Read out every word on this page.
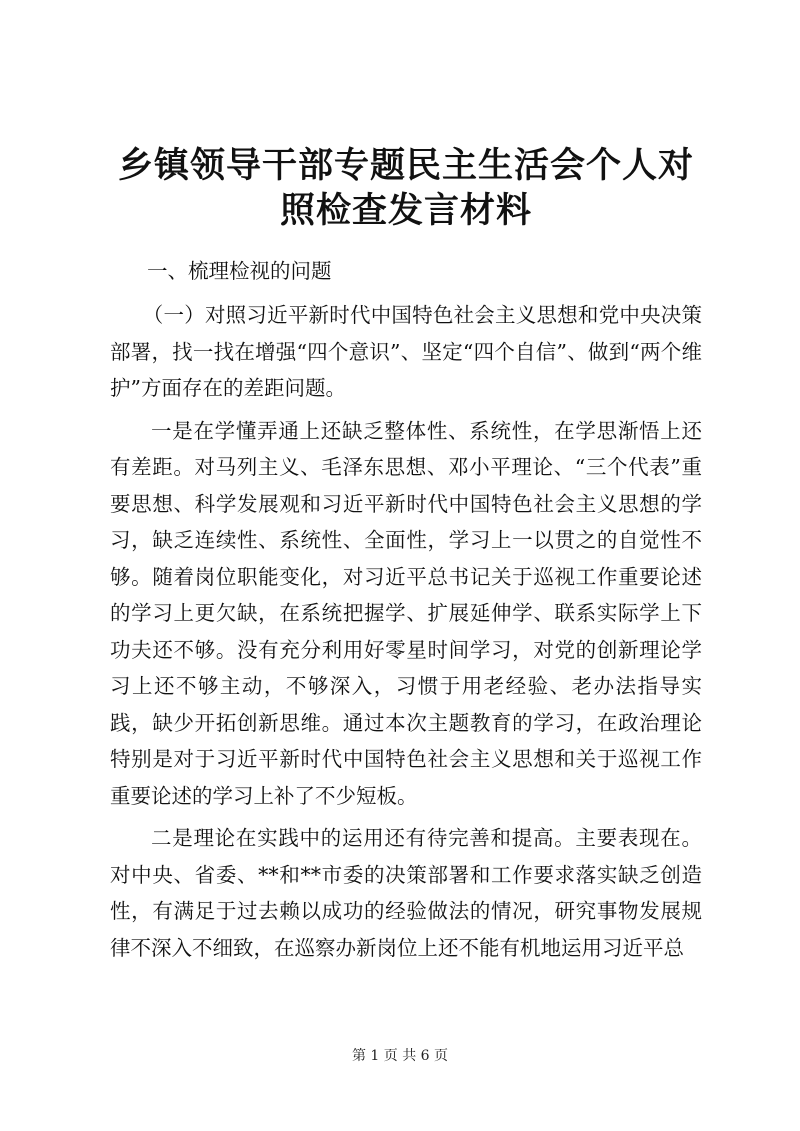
乡镇领导干部专题民主生活会个人对照检查发言材料

一、梳理检视的问题

（一）对照习近平新时代中国特色社会主义思想和党中央决策部署，找一找在增强“四个意识”、坚定“四个自信”、做到“两个维护”方面存在的差距问题。

一是在学懂弄通上还缺乏整体性、系统性，在学思渐悟上还有差距。对马列主义、毛泽东思想、邓小平理论、“三个代表”重要思想、科学发展观和习近平新时代中国特色社会主义思想的学习，缺乏连续性、系统性、全面性，学习上一以贯之的自觉性不够。随着岗位职能变化，对习近平总书记关于巡视工作重要论述的学习上更欠缺，在系统把握学、扩展延伸学、联系实际学上下功夫还不够。没有充分利用好零星时间学习，对党的创新理论学习上还不够主动，不够深入，习惯于用老经验、老办法指导实践，缺少开拓创新思维。通过本次主题教育的学习，在政治理论特别是对于习近平新时代中国特色社会主义思想和关于巡视工作重要论述的学习上补了不少短板。

二是理论在实践中的运用还有待完善和提高。主要表现在。对中央、省委、**和**市委的决策部署和工作要求落实缺乏创造性，有满足于过去赖以成功的经验做法的情况，研究事物发展规律不深入不细致，在巡察办新岗位上还不能有机地运用习近平总

第 1 页 共 6 页
